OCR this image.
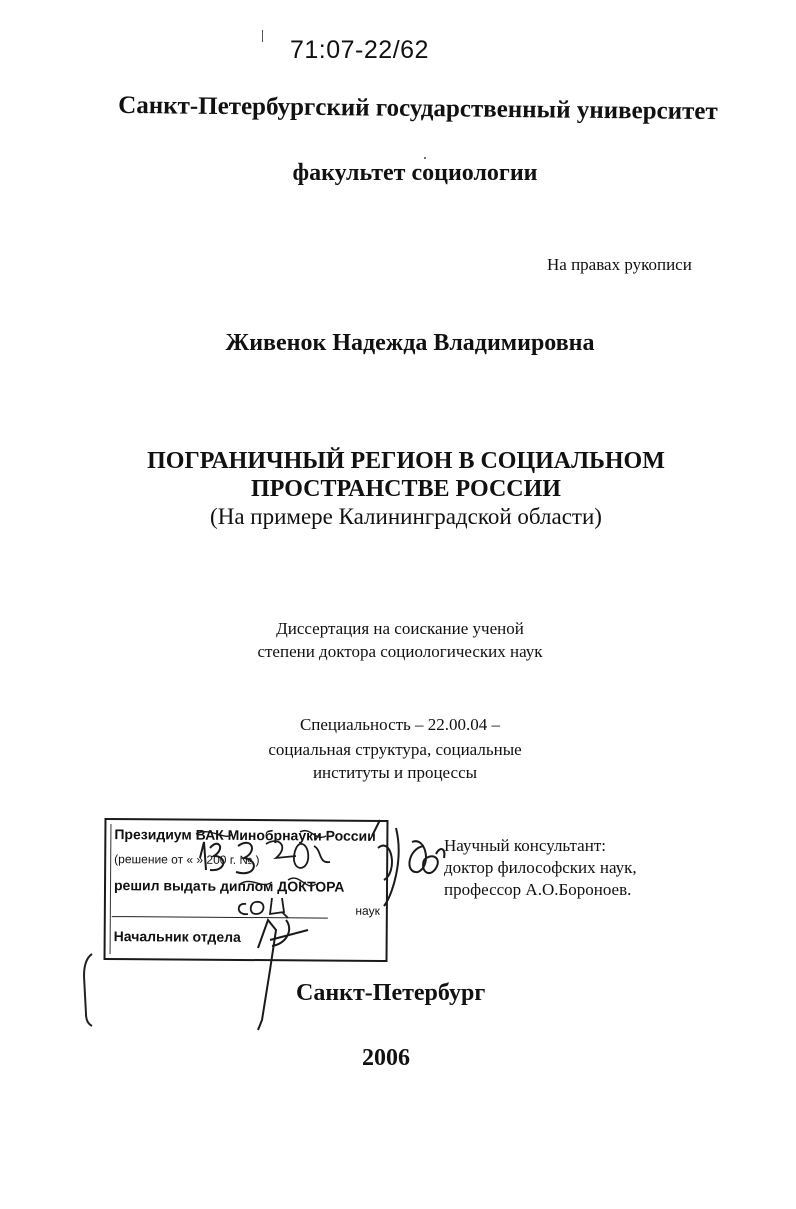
71:07-22/62
Санкт-Петербургский государственный университет
факультет социологии
На правах рукописи
Живенок Надежда Владимировна
ПОГРАНИЧНЫЙ РЕГИОН В СОЦИАЛЬНОМ
ПРОСТРАНСТВЕ РОССИИ
(На примере Калининградской области)
Диссертация на соискание ученой
степени доктора социологических наук
Специальность – 22.00.04 –
социальная структура, социальные
институты и процессы
Президиум ВАК Минобрнауки России
(решение от « » 200 г. № )
решил выдать диплом ДОКТОРА
наук
Начальник отдела
Научный консультант:
доктор философских наук,
профессор А.О.Бороноев.
Санкт-Петербург
2006
